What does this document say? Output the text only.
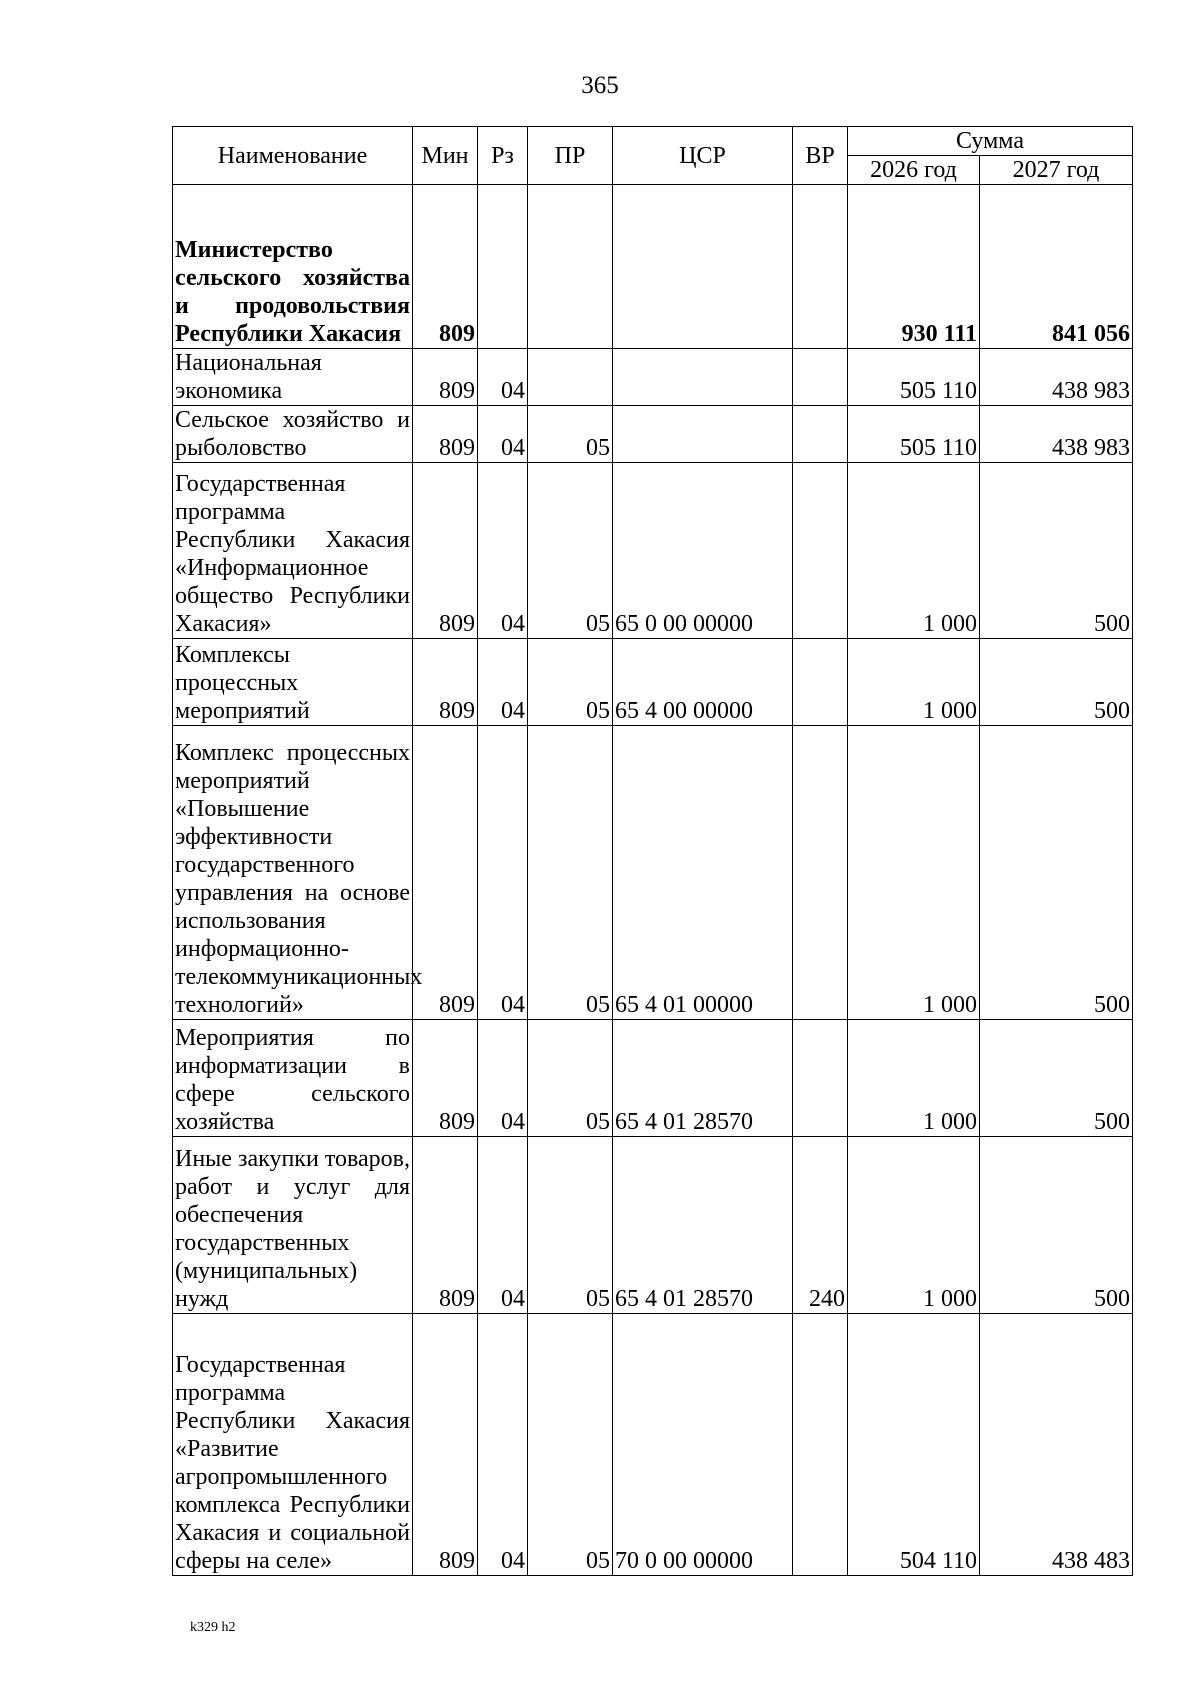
365
Наименование	Мин	Рз	ПР	ЦСР	ВР	Сумма	
						2026 год	2027 год
Министерство сельского хозяйства и продовольствия Республики Хакасия	809					930 111	841 056
Национальная экономика	809	04				505 110	438 983
Сельское хозяйство и рыболовство	809	04	05			505 110	438 983
Государственная программа Республики Хакасия «Информационное общество Республики Хакасия»	809	04	05	65 0 00 00000		1 000	500
Комплексы процессных мероприятий	809	04	05	65 4 00 00000		1 000	500
Комплекс процессных мероприятий «Повышение эффективности государственного управления на основе использования информационно-телекоммуникационных технологий»	809	04	05	65 4 01 00000		1 000	500
Мероприятия по информатизации в сфере сельского хозяйства	809	04	05	65 4 01 28570		1 000	500
Иные закупки товаров, работ и услуг для обеспечения государственных (муниципальных) нужд	809	04	05	65 4 01 28570	240	1 000	500
Государственная программа Республики Хакасия «Развитие агропромышленного комплекса Республики Хакасия и социальной сферы на селе»	809	04	05	70 0 00 00000		504 110	438 483
k329 h2
